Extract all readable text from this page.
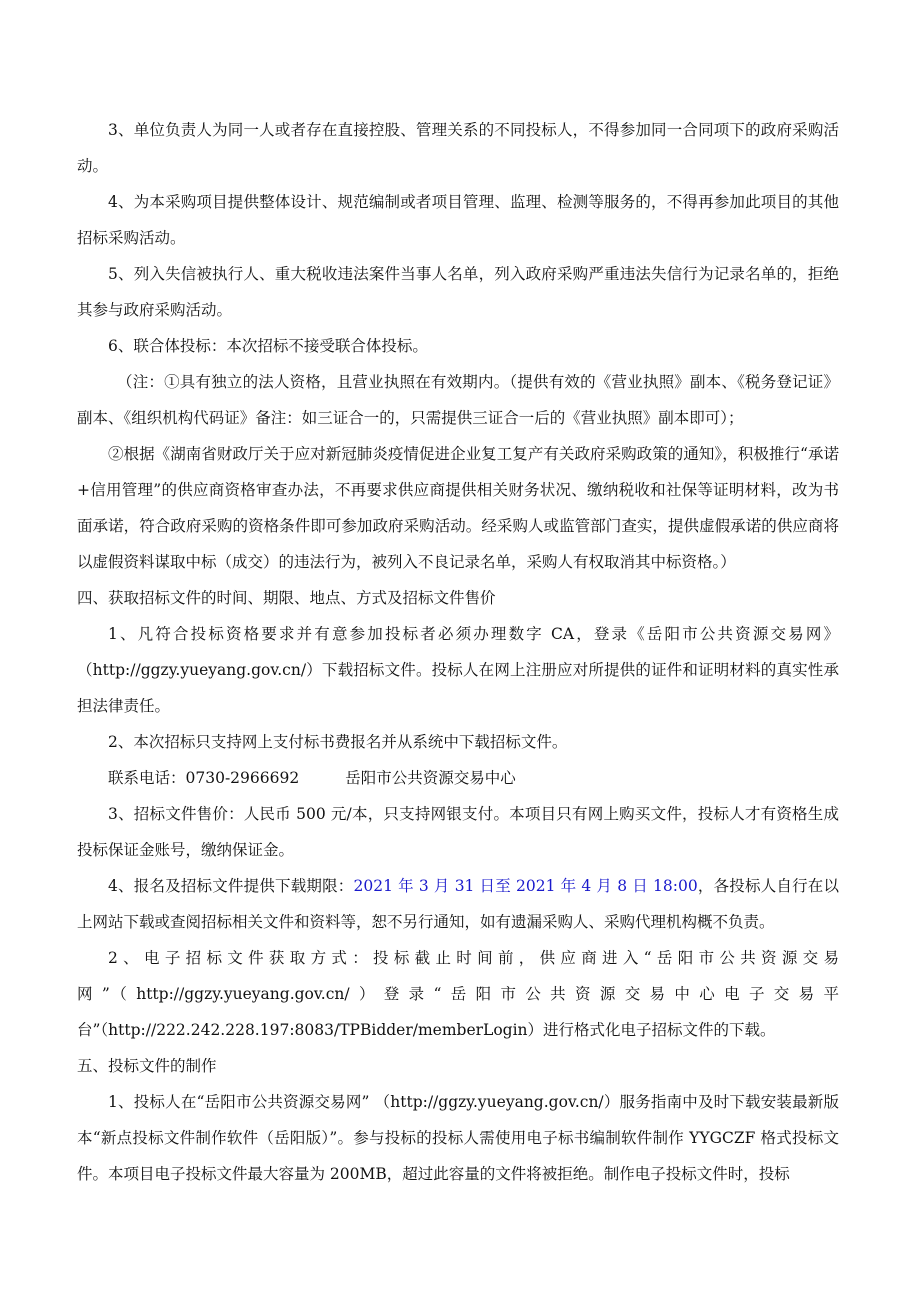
3、单位负责人为同一人或者存在直接控股、管理关系的不同投标人，不得参加同一合同项下的政府采购活动。

4、为本采购项目提供整体设计、规范编制或者项目管理、监理、检测等服务的，不得再参加此项目的其他招标采购活动。

5、列入失信被执行人、重大税收违法案件当事人名单，列入政府采购严重违法失信行为记录名单的，拒绝其参与政府采购活动。

6、联合体投标：本次招标不接受联合体投标。

（注：①具有独立的法人资格，且营业执照在有效期内。（提供有效的《营业执照》副本、《税务登记证》副本、《组织机构代码证》备注：如三证合一的，只需提供三证合一后的《营业执照》副本即可）；

②根据《湖南省财政厅关于应对新冠肺炎疫情促进企业复工复产有关政府采购政策的通知》，积极推行“承诺+信用管理”的供应商资格审查办法，不再要求供应商提供相关财务状况、缴纳税收和社保等证明材料，改为书面承诺，符合政府采购的资格条件即可参加政府采购活动。经采购人或监管部门查实，提供虚假承诺的供应商将以虚假资料谋取中标（成交）的违法行为，被列入不良记录名单，采购人有权取消其中标资格。）

四、获取招标文件的时间、期限、地点、方式及招标文件售价

1、凡符合投标资格要求并有意参加投标者必须办理数字 CA，登录《岳阳市公共资源交易网》（http://ggzy.yueyang.gov.cn/）下载招标文件。投标人在网上注册应对所提供的证件和证明材料的真实性承担法律责任。

2、本次招标只支持网上支付标书费报名并从系统中下载招标文件。

联系电话：0730-2966692	岳阳市公共资源交易中心

3、招标文件售价：人民币 500 元/本，只支持网银支付。本项目只有网上购买文件，投标人才有资格生成投标保证金账号，缴纳保证金。

4、报名及招标文件提供下载期限：2021 年 3 月 31 日至 2021 年 4 月 8 日 18:00，各投标人自行在以上网站下载或查阅招标相关文件和资料等，恕不另行通知，如有遗漏采购人、采购代理机构概不负责。

2、电子招标文件获取方式：投标截止时间前，供应商进入“岳阳市公共资源交易网”（http://ggzy.yueyang.gov.cn/）登录“岳阳市公共资源交易中心电子交易平台”（http://222.242.228.197:8083/TPBidder/memberLogin）进行格式化电子招标文件的下载。

五、投标文件的制作

1、投标人在“岳阳市公共资源交易网” （http://ggzy.yueyang.gov.cn/）服务指南中及时下载安装最新版本“新点投标文件制作软件（岳阳版）”。参与投标的投标人需使用电子标书编制软件制作 YYGCZF 格式投标文件。本项目电子投标文件最大容量为 200MB，超过此容量的文件将被拒绝。制作电子投标文件时，投标
